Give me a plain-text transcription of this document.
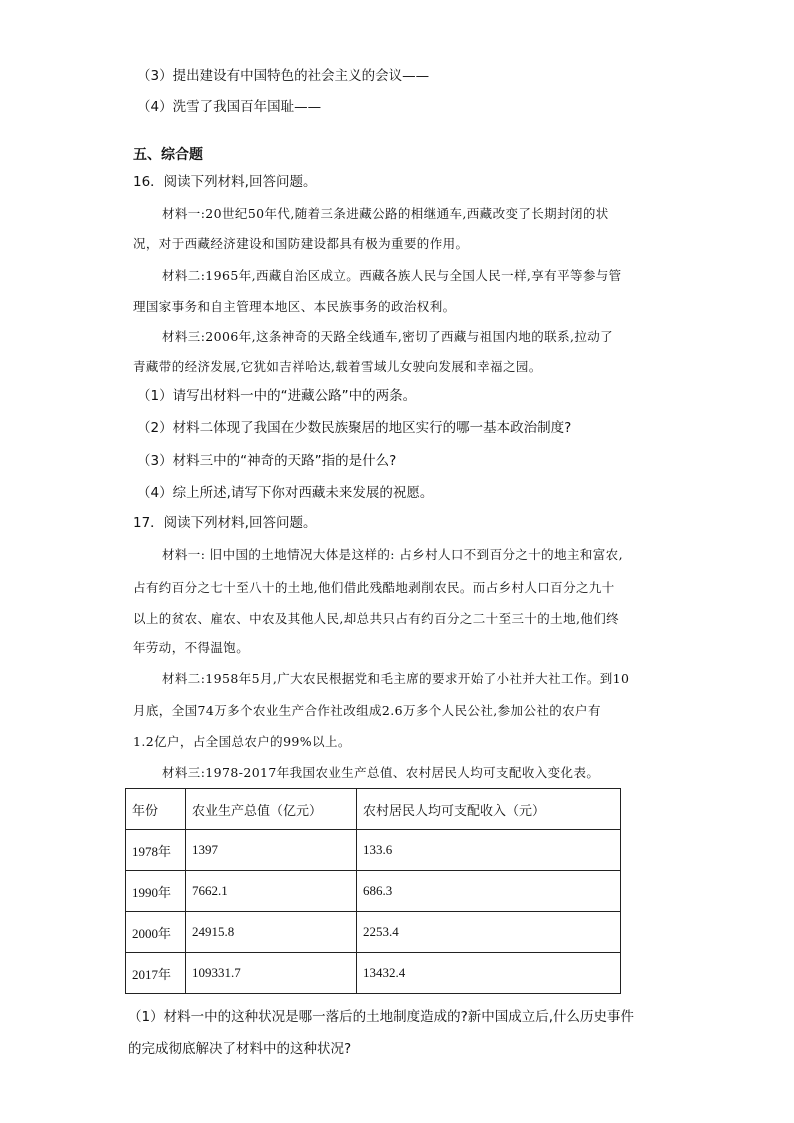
（3）提出建设有中国特色的社会主义的会议——
（4）洗雪了我国百年国耻——
五、综合题
16．阅读下列材料,回答问题。
材料一:20世纪50年代,随着三条进藏公路的相继通车,西藏改变了长期封闭的状
况，对于西藏经济建设和国防建设都具有极为重要的作用。
材料二:1965年,西藏自治区成立。西藏各族人民与全国人民一样,享有平等参与管
理国家事务和自主管理本地区、本民族事务的政治权利。
材料三:2006年,这条神奇的天路全线通车,密切了西藏与祖国内地的联系,拉动了
青藏带的经济发展,它犹如吉祥哈达,载着雪域儿女驶向发展和幸福之园。
（1）请写出材料一中的“进藏公路”中的两条。
（2）材料二体现了我国在少数民族聚居的地区实行的哪一基本政治制度?
（3）材料三中的“神奇的天路”指的是什么?
（4）综上所述,请写下你对西藏未来发展的祝愿。
17．阅读下列材料,回答问题。
材料一: 旧中国的土地情况大体是这样的: 占乡村人口不到百分之十的地主和富农,
占有约百分之七十至八十的土地,他们借此残酷地剥削农民。而占乡村人口百分之九十
以上的贫农、雇农、中农及其他人民,却总共只占有约百分之二十至三十的土地,他们终
年劳动，不得温饱。
材料二:1958年5月,广大农民根据党和毛主席的要求开始了小社并大社工作。到10
月底，全国74万多个农业生产合作社改组成2.6万多个人民公社,参加公社的农户有
1.2亿户，占全国总农户的99%以上。
材料三:1978-2017年我国农业生产总值、农村居民人均可支配收入变化表。
年份	农业生产总值（亿元）	农村居民人均可支配收入（元）
1978年	1397	133.6
1990年	7662.1	686.3
2000年	24915.8	2253.4
2017年	109331.7	13432.4
（1）材料一中的这种状况是哪一落后的土地制度造成的?新中国成立后,什么历史事件
的完成彻底解决了材料中的这种状况?
